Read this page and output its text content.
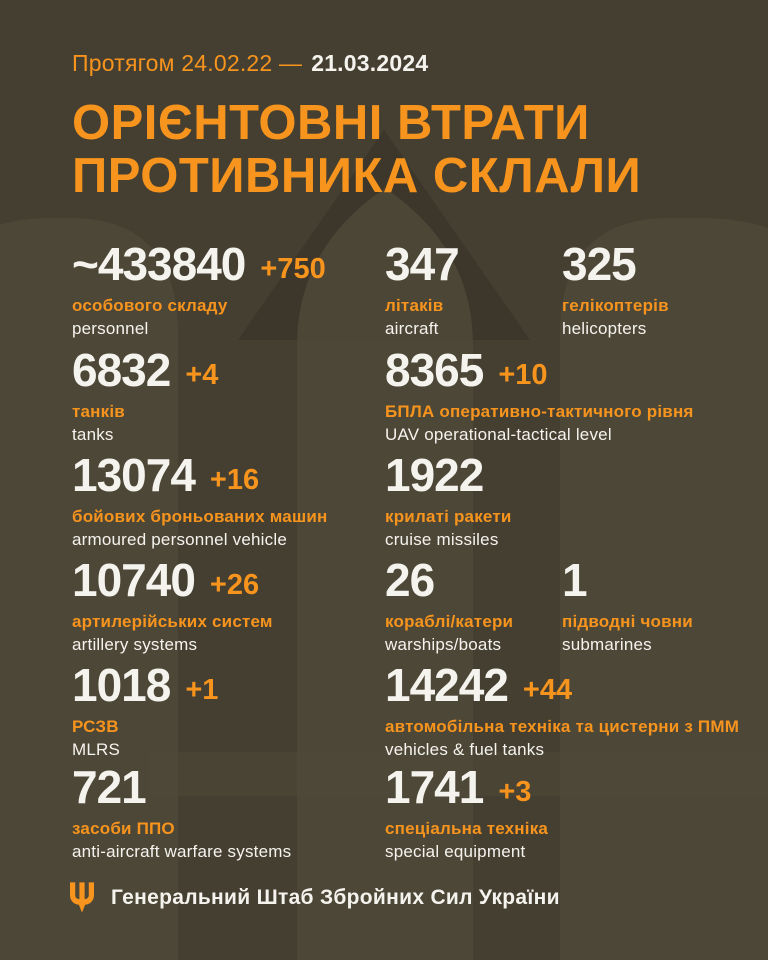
Протягом 24.02.22 — 21.03.2024
ОРІЄНТОВНІ ВТРАТИ
ПРОТИВНИКА СКЛАЛИ
~433840 +750
особового складу
personnel
347
літаків
aircraft
325
гелікоптерів
helicopters
6832 +4
танків
tanks
8365 +10
БПЛА оперативно-тактичного рівня
UAV operational-tactical level
13074 +16
бойових броньованих машин
armoured personnel vehicle
1922
крилаті ракети
cruise missiles
10740 +26
артилерійських систем
artillery systems
26
кораблі/катери
warships/boats
1
підводні човни
submarines
1018 +1
РСЗВ
MLRS
14242 +44
автомобільна техніка та цистерни з ПММ
vehicles & fuel tanks
721
засоби ППО
anti-aircraft warfare systems
1741 +3
спеціальна техніка
special equipment
Генеральний Штаб Збройних Сил України
